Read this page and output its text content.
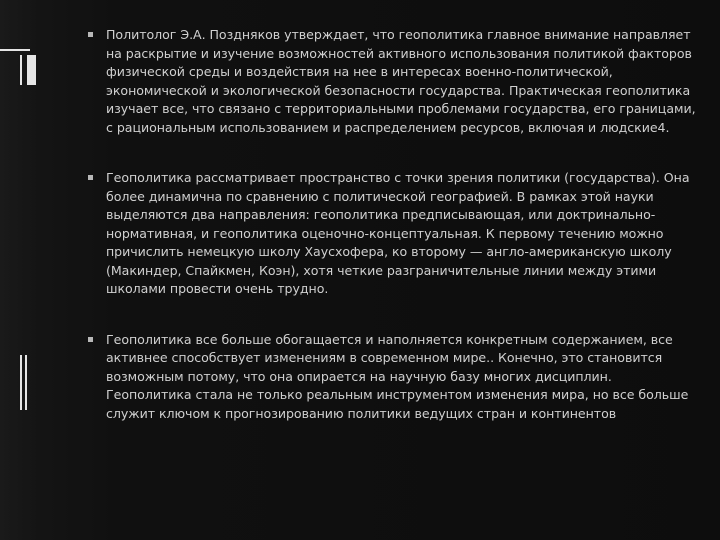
Политолог Э.А. Поздняков утверждает, что геополитика главное внимание направляет на раскрытие и изучение возможностей активного использования политикой факторов физической среды и воздействия на нее в интересах военно-политической, экономической и экологической безопасности государства. Практическая геополитика изучает все, что связано с территориальными проблемами государства, его границами, с рациональным использованием и распределением ресурсов, включая и людские4.
Геополитика рассматривает пространство с точки зрения политики (государства). Она более динамична по сравнению с политической географией. В рамках этой науки выделяются два направления: геополитика предписывающая, или доктринально-нормативная, и геополитика оценочно-концептуальная. К первому течению можно причислить немецкую школу Хаусхофера, ко второму — англо-американскую школу (Макиндер, Спайкмен, Коэн), хотя четкие разграничительные линии между этими школами провести очень трудно.
Геополитика все больше обогащается и наполняется конкретным содержанием, все активнее способствует изменениям в современном мире.. Конечно, это становится возможным потому, что она опирается на научную базу многих дисциплин. Геополитика стала не только реальным инструментом изменения мира, но все больше служит ключом к прогнозированию политики ведущих стран и континентов
